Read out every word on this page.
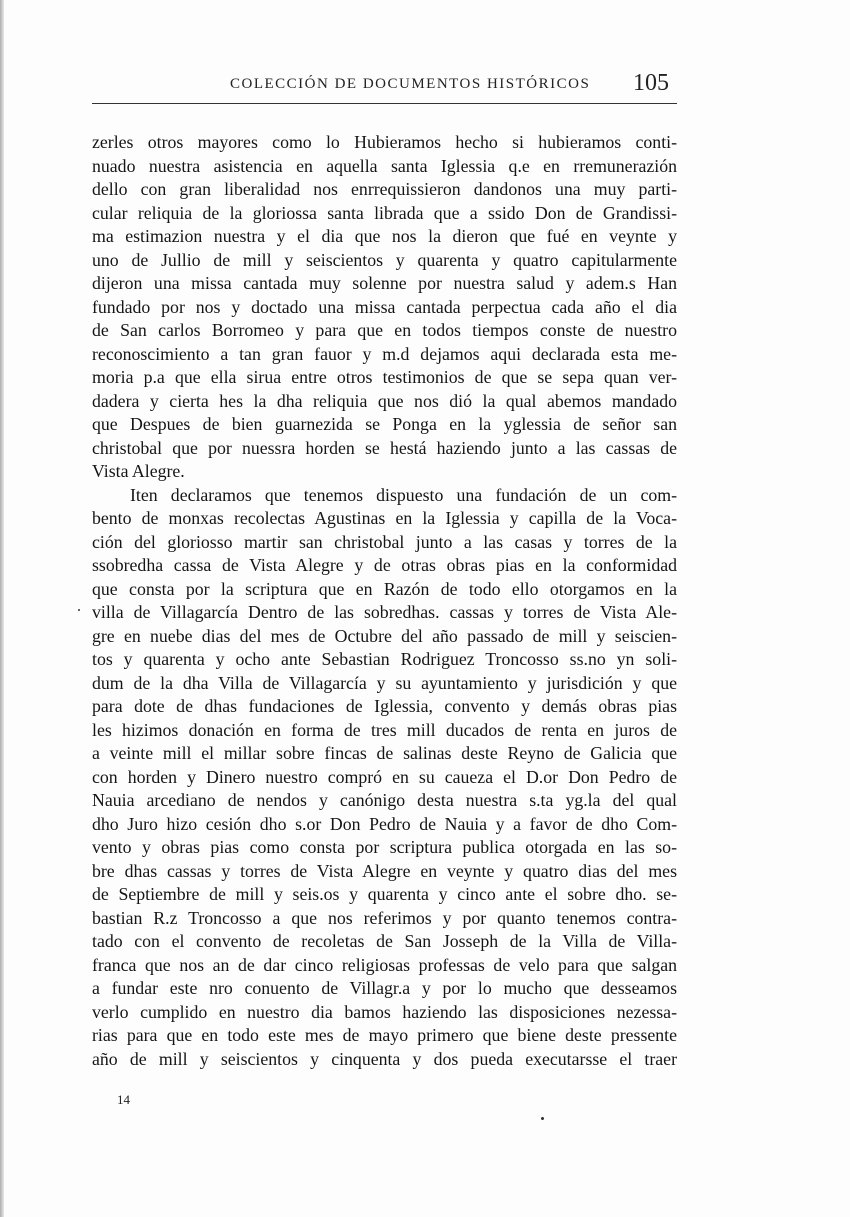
COLECCIÓN DE DOCUMENTOS HISTÓRICOS 105
zerles otros mayores como lo Hubieramos hecho si hubieramos conti-
nuado nuestra asistencia en aquella santa Iglessia q.e en rremunerazión
dello con gran liberalidad nos enrrequissieron dandonos una muy parti-
cular reliquia de la gloriossa santa librada que a ssido Don de Grandissi-
ma estimazion nuestra y el dia que nos la dieron que fué en veynte y
uno de Jullio de mill y seiscientos y quarenta y quatro capitularmente
dijeron una missa cantada muy solenne por nuestra salud y adem.s Han
fundado por nos y doctado una missa cantada perpectua cada año el dia
de San carlos Borromeo y para que en todos tiempos conste de nuestro
reconoscimiento a tan gran fauor y m.d dejamos aqui declarada esta me-
moria p.a que ella sirua entre otros testimonios de que se sepa quan ver-
dadera y cierta hes la dha reliquia que nos dió la qual abemos mandado
que Despues de bien guarnezida se Ponga en la yglessia de señor san
christobal que por nuessra horden se hestá haziendo junto a las cassas de
Vista Alegre.
Iten declaramos que tenemos dispuesto una fundación de un com-
bento de monxas recolectas Agustinas en la Iglessia y capilla de la Voca-
ción del gloriosso martir san christobal junto a las casas y torres de la
ssobredha cassa de Vista Alegre y de otras obras pias en la conformidad
que consta por la scriptura que en Razón de todo ello otorgamos en la
villa de Villagarcía Dentro de las sobredhas. cassas y torres de Vista Ale-
gre en nuebe dias del mes de Octubre del año passado de mill y seiscien-
tos y quarenta y ocho ante Sebastian Rodriguez Troncosso ss.no yn soli-
dum de la dha Villa de Villagarcía y su ayuntamiento y jurisdición y que
para dote de dhas fundaciones de Iglessia, convento y demás obras pias
les hizimos donación en forma de tres mill ducados de renta en juros de
a veinte mill el millar sobre fincas de salinas deste Reyno de Galicia que
con horden y Dinero nuestro compró en su caueza el D.or Don Pedro de
Nauia arcediano de nendos y canónigo desta nuestra s.ta yg.la del qual
dho Juro hizo cesión dho s.or Don Pedro de Nauia y a favor de dho Com-
vento y obras pias como consta por scriptura publica otorgada en las so-
bre dhas cassas y torres de Vista Alegre en veynte y quatro dias del mes
de Septiembre de mill y seis.os y quarenta y cinco ante el sobre dho. se-
bastian R.z Troncosso a que nos referimos y por quanto tenemos contra-
tado con el convento de recoletas de San Josseph de la Villa de Villa-
franca que nos an de dar cinco religiosas professas de velo para que salgan
a fundar este nro conuento de Villagr.a y por lo mucho que desseamos
verlo cumplido en nuestro dia bamos haziendo las disposiciones nezessa-
rias para que en todo este mes de mayo primero que biene deste pressente
año de mill y seiscientos y cinquenta y dos pueda executarsse el traer
14
